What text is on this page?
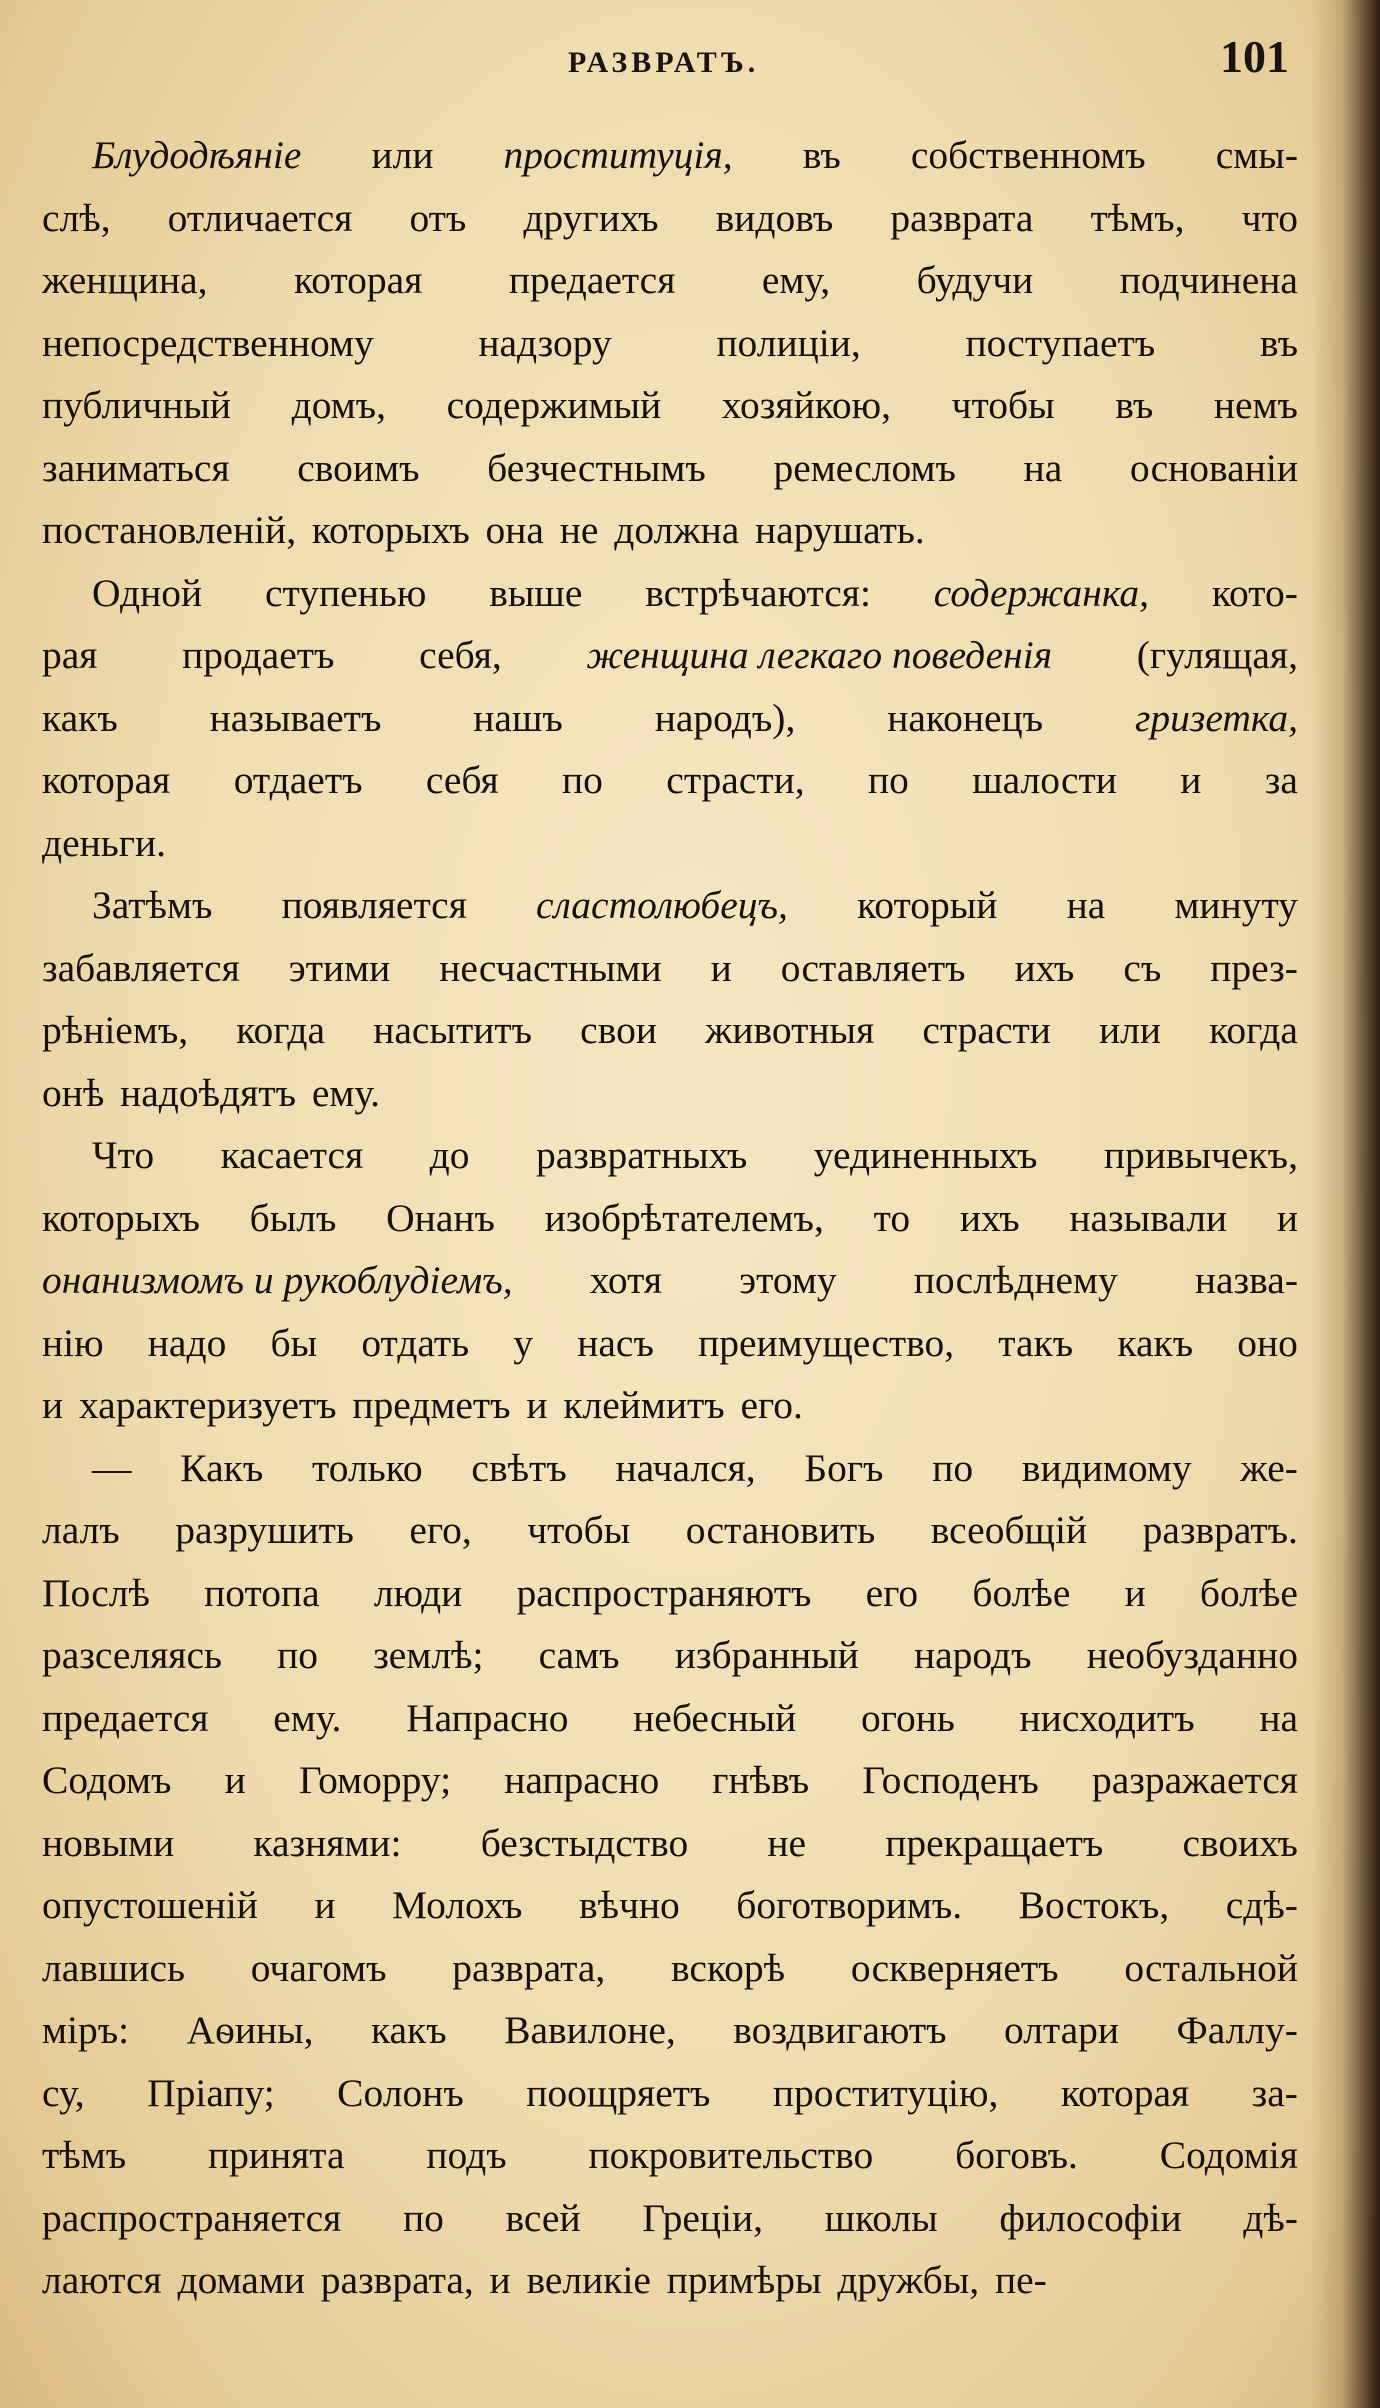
РАЗВРАТЪ.	101
Блудодѣяніе или проституція, въ собственномъ смы-
слѣ, отличается отъ другихъ видовъ разврата тѣмъ, что
женщина, которая предается ему, будучи подчинена
непосредственному	надзору	полиціи,	поступаетъ	въ
публичный домъ, содержимый хозяйкою, чтобы въ немъ
заниматься своимъ безчестнымъ ремесломъ на основаніи
постановленій, которыхъ она не должна нарушать.
Одной ступенью выше встрѣчаются: содержанка, кото-
рая продаетъ себя, женщина легкаго поведенія (гулящая,
какъ называетъ нашъ народъ), наконецъ гризетка,
которая отдаетъ себя по страсти, по шалости и за
деньги.
Затѣмъ появляется сластолюбецъ, который на минуту
забавляется этими несчастными и оставляетъ ихъ съ през-
рѣніемъ, когда насытитъ свои животныя страсти или когда
онѣ надоѣдятъ ему.
Что касается до развратныхъ уединенныхъ привычекъ,
которыхъ былъ Онанъ изобрѣтателемъ, то ихъ называли и
онанизмомъ и рукоблудіемъ, хотя этому послѣднему назва-
нію надо бы отдать у насъ преимущество, такъ какъ оно
и характеризуетъ предметъ и клеймитъ его.
— Какъ только свѣтъ начался, Богъ по видимому же-
лалъ разрушить его, чтобы остановить всеобщій развратъ.
Послѣ потопа люди распространяютъ его болѣе и болѣе
разселяясь по землѣ; самъ избранный народъ необузданно
предается ему. Напрасно небесный огонь нисходитъ на
Содомъ и Гоморру; напрасно гнѣвъ Господенъ разражается
новыми казнями: безстыдство не прекращаетъ своихъ
опустошеній и Молохъ вѣчно боготворимъ. Востокъ, сдѣ-
лавшись очагомъ разврата, вскорѣ оскверняетъ остальной
міръ: Аѳины, какъ Вавилоне, воздвигаютъ олтари Фаллу-
су, Пріапу; Солонъ поощряетъ проституцію, которая за-
тѣмъ принята подъ покровительство боговъ. Содомія
распространяется по всей Греціи, школы философіи дѣ-
лаются домами разврата, и великіе примѣры дружбы, пе-
